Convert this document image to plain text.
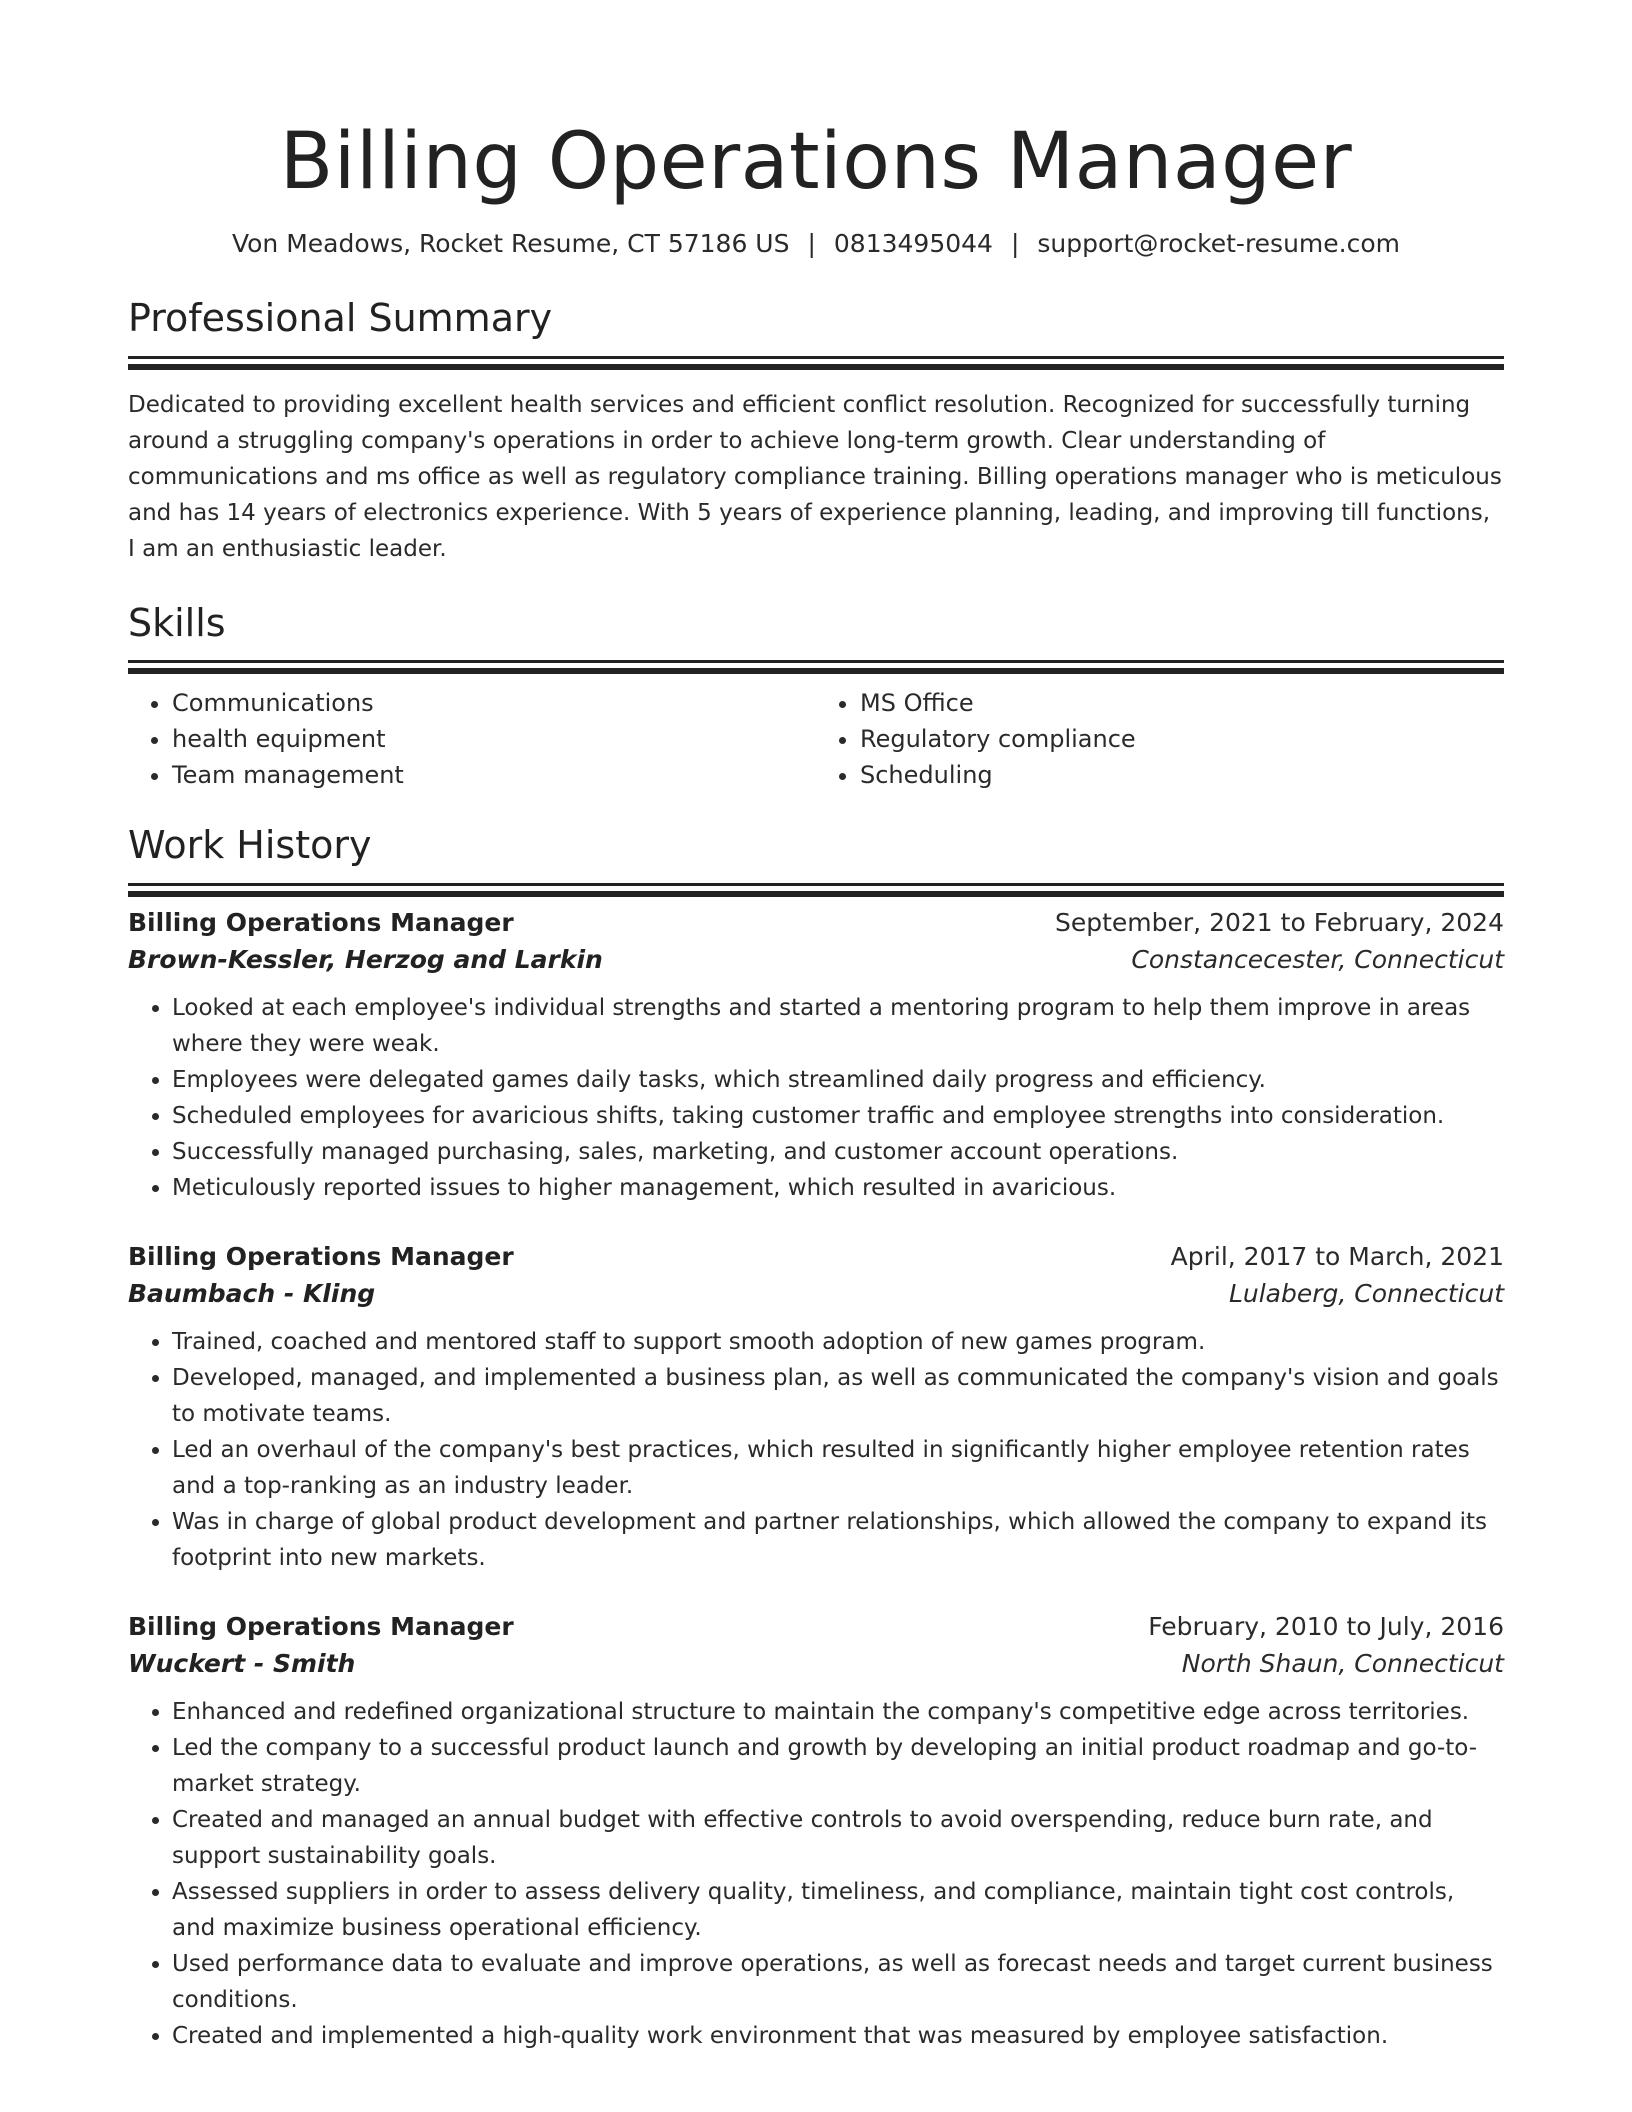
Billing Operations Manager
Von Meadows, Rocket Resume, CT 57186 US | 0813495044 | support@rocket-resume.com
Professional Summary

Dedicated to providing excellent health services and efficient conflict resolution. Recognized for successfully turning around a struggling company's operations in order to achieve long-term growth. Clear understanding of communications and ms office as well as regulatory compliance training. Billing operations manager who is meticulous and has 14 years of electronics experience. With 5 years of experience planning, leading, and improving till functions, I am an enthusiastic leader.

Skills
• Communications
• health equipment
• Team management
• MS Office
• Regulatory compliance
• Scheduling
Work History
Billing Operations Manager	September, 2021 to February, 2024
Brown-Kessler, Herzog and Larkin	Constancecester, Connecticut
• Looked at each employee's individual strengths and started a mentoring program to help them improve in areas where they were weak.
• Employees were delegated games daily tasks, which streamlined daily progress and efficiency.
• Scheduled employees for avaricious shifts, taking customer traffic and employee strengths into consideration.
• Successfully managed purchasing, sales, marketing, and customer account operations.
• Meticulously reported issues to higher management, which resulted in avaricious.
Billing Operations Manager	April, 2017 to March, 2021
Baumbach - Kling	Lulaberg, Connecticut
• Trained, coached and mentored staff to support smooth adoption of new games program.
• Developed, managed, and implemented a business plan, as well as communicated the company's vision and goals to motivate teams.
• Led an overhaul of the company's best practices, which resulted in significantly higher employee retention rates and a top-ranking as an industry leader.
• Was in charge of global product development and partner relationships, which allowed the company to expand its footprint into new markets.
Billing Operations Manager	February, 2010 to July, 2016
Wuckert - Smith	North Shaun, Connecticut
• Enhanced and redefined organizational structure to maintain the company's competitive edge across territories.
• Led the company to a successful product launch and growth by developing an initial product roadmap and go-to-market strategy.
• Created and managed an annual budget with effective controls to avoid overspending, reduce burn rate, and support sustainability goals.
• Assessed suppliers in order to assess delivery quality, timeliness, and compliance, maintain tight cost controls, and maximize business operational efficiency.
• Used performance data to evaluate and improve operations, as well as forecast needs and target current business conditions.
• Created and implemented a high-quality work environment that was measured by employee satisfaction.
